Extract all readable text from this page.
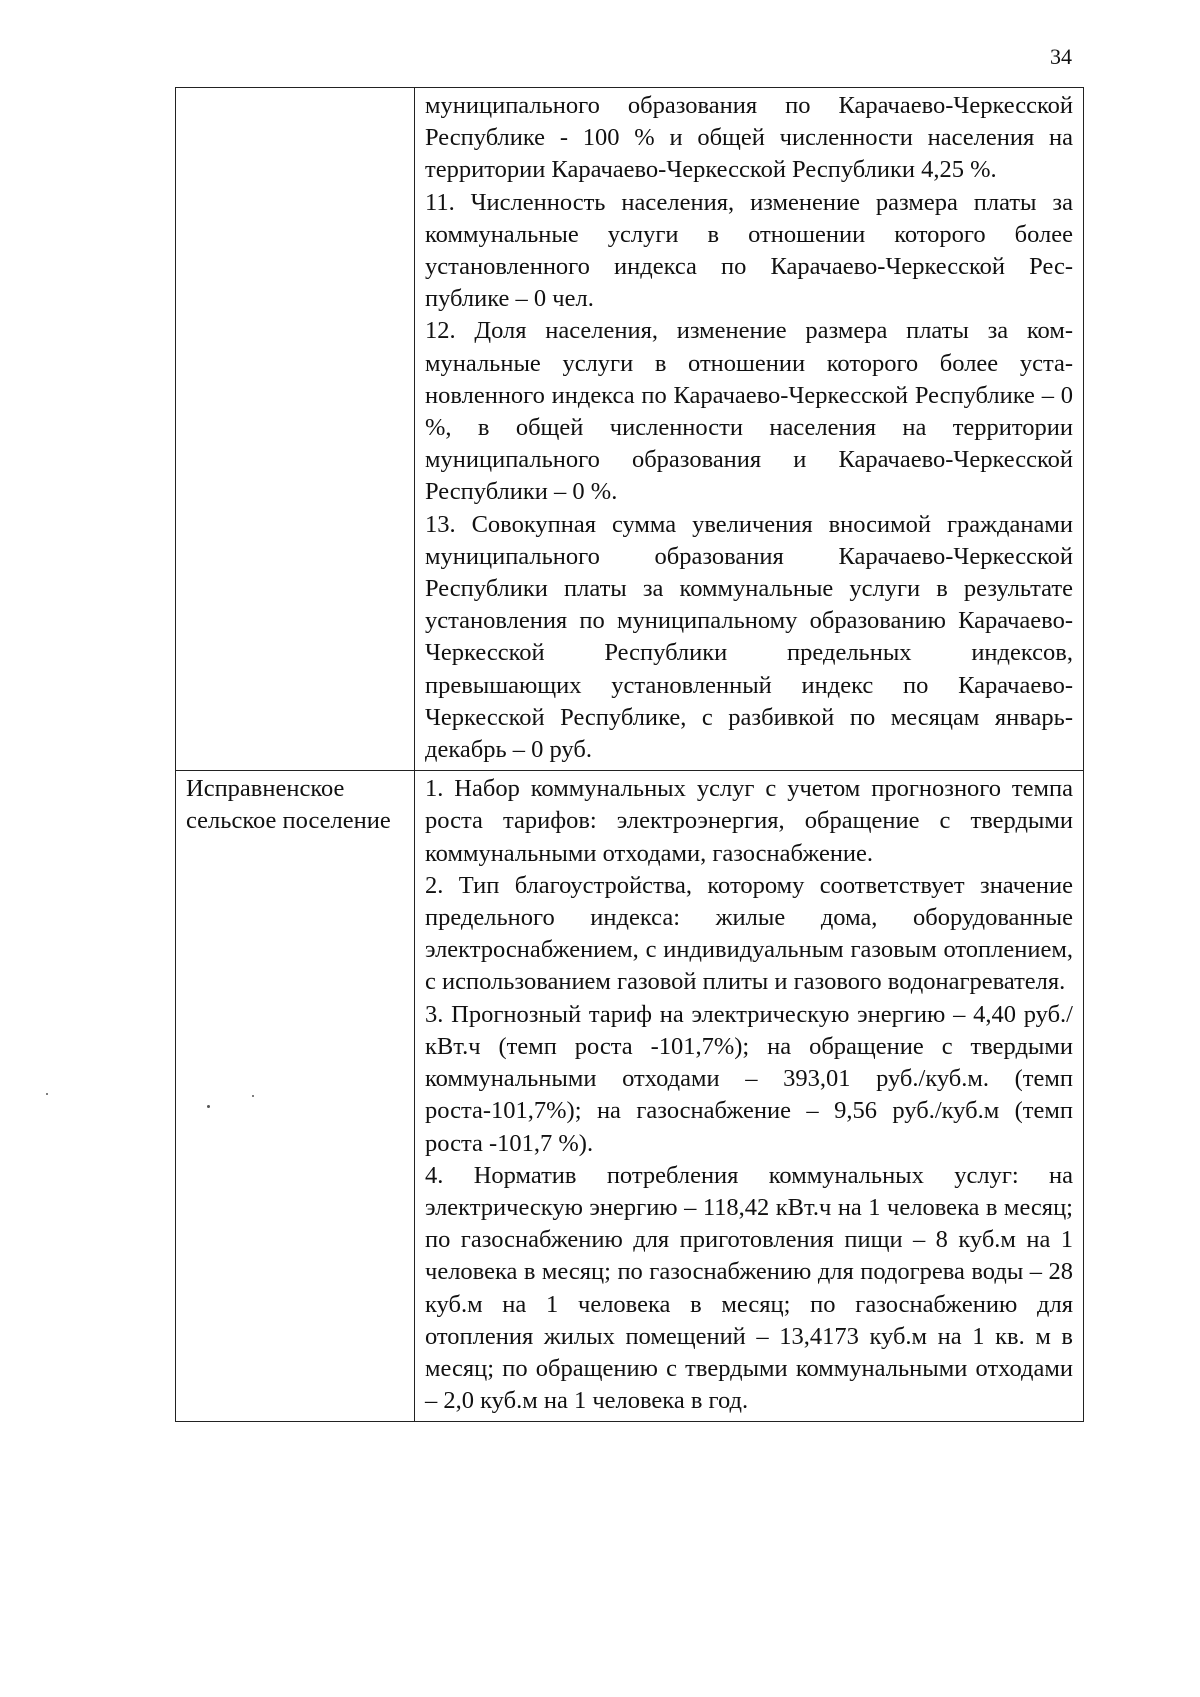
34

	муниципального образования по Карачаево-Черкесской Республике - 100 % и общей численности населения на территории Карачаево-Черкесской Республики 4,25 %.

11. Численность населения, изменение размера платы за коммунальные услуги в отношении которого более установленного индекса по Карачаево-Черкесской Республике – 0 чел.

12. Доля населения, изменение размера платы за коммунальные услуги в отношении которого более установленного индекса по Карачаево-Черкесской Республике – 0 %, в общей численности населения на территории муниципального образования и Карачаево-Черкесской Республики – 0 %.

13. Совокупная сумма увеличения вносимой гражданами муниципального образования Карачаево-Черкесской Республики платы за коммунальные услуги в результате установления по муниципальному образованию Карачаево-Черкесской Республики предельных индексов, превышающих установленный индекс по Карачаево-Черкесской Республике, с разбивкой по месяцам январь-декабрь – 0 руб.

Исправненское сельское поселение	1. Набор коммунальных услуг с учетом прогнозного темпа роста тарифов: электроэнергия, обращение с твердыми коммунальными отходами, газоснабжение.

2. Тип благоустройства, которому соответствует значение предельного индекса: жилые дома, оборудованные электроснабжением, с индивидуальным газовым отоплением, с использованием газовой плиты и газового водонагревателя.

3. Прогнозный тариф на электрическую энергию – 4,40 руб./кВт.ч (темп роста -101,7%); на обращение с твердыми коммунальными отходами – 393,01 руб./куб.м. (темп роста-101,7%); на газоснабжение – 9,56 руб./куб.м (темп роста -101,7 %).

4. Норматив потребления коммунальных услуг: на электрическую энергию – 118,42 кВт.ч на 1 человека в месяц; по газоснабжению для приготовления пищи – 8 куб.м на 1 человека в месяц; по газоснабжению для подогрева воды – 28 куб.м на 1 человека в месяц; по газоснабжению для отопления жилых помещений – 13,4173 куб.м на 1 кв. м в месяц; по обращению с твердыми коммунальными отходами – 2,0 куб.м на 1 человека в год.
